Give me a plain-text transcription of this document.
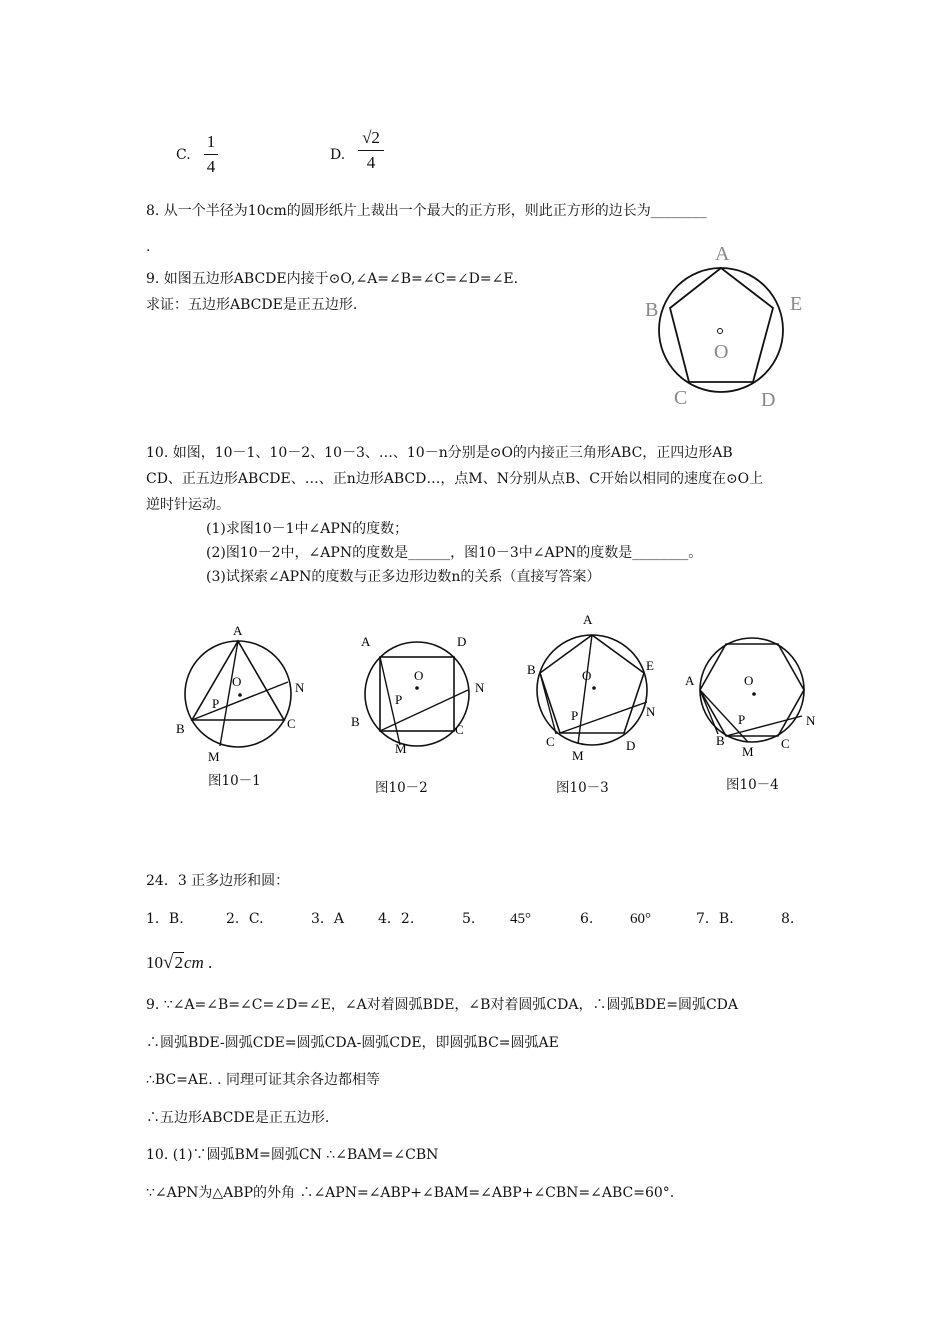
C.
1
4
D.
√2
4
8. 从一个半径为10cm的圆形纸片上裁出一个最大的正方形，则此正方形的边长为________
.
9. 如图五边形ABCDE内接于⊙O,∠A=∠B=∠C=∠D=∠E.
求证：五边形ABCDE是正五边形.
A
B	E
O
C	D
10. 如图，10－1、10－2、10－3、…、10－n分别是⊙O的内接正三角形ABC，正四边形AB
CD、正五边形ABCDE、…、正n边形ABCD…，点M、N分别从点B、C开始以相同的速度在⊙O上
逆时针运动。
(1)求图10－1中∠APN的度数；
(2)图10－2中，∠APN的度数是______，图10－3中∠APN的度数是________。
(3)试探索∠APN的度数与正多边形边数n的关系（直接写答案）
A
O
P
N
B	C
M
图10－1
A	D
O
P
N
B
C
M
图10－2
A
B	E
O
P	N
C
M
D
图10－3
A	O
P	N
B
M
C
图10－4
24．3 正多边形和圆：
1．B.	2．C.	3．A 4．2.	5. 45°	6. 60°	7．B.	8.
10√2cm .
9. ∵∠A=∠B=∠C=∠D=∠E，∠A对着圆弧BDE，∠B对着圆弧CDA，∴圆弧BDE=圆弧CDA
∴圆弧BDE-圆弧CDE=圆弧CDA-圆弧CDE，即圆弧BC=圆弧AE
∴BC=AE. . 同理可证其余各边都相等
∴五边形ABCDE是正五边形.
10. (1)∵圆弧BM=圆弧CN ∴∠BAM=∠CBN
∵∠APN为△ABP的外角 ∴∠APN=∠ABP+∠BAM=∠ABP+∠CBN=∠ABC=60°.
